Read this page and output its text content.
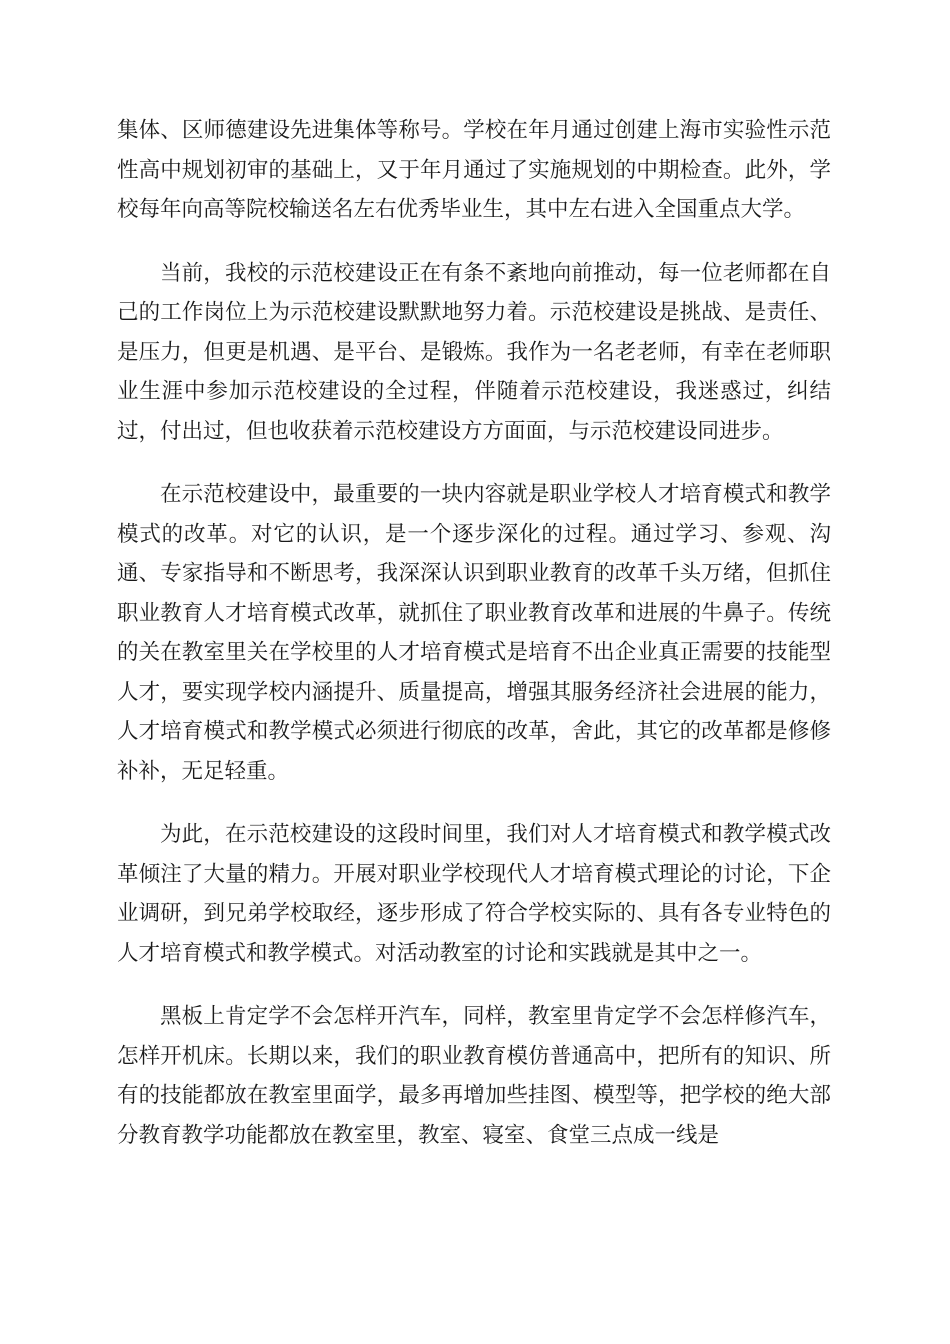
集体、区师德建设先进集体等称号。学校在年月通过创建上海市实验性示范性高中规划初审的基础上，又于年月通过了实施规划的中期检查。此外，学校每年向高等院校输送名左右优秀毕业生，其中左右进入全国重点大学。

当前，我校的示范校建设正在有条不紊地向前推动，每一位老师都在自己的工作岗位上为示范校建设默默地努力着。示范校建设是挑战、是责任、是压力，但更是机遇、是平台、是锻炼。我作为一名老老师，有幸在老师职业生涯中参加示范校建设的全过程，伴随着示范校建设，我迷惑过，纠结过，付出过，但也收获着示范校建设方方面面，与示范校建设同进步。

在示范校建设中，最重要的一块内容就是职业学校人才培育模式和教学模式的改革。对它的认识，是一个逐步深化的过程。通过学习、参观、沟通、专家指导和不断思考，我深深认识到职业教育的改革千头万绪，但抓住职业教育人才培育模式改革，就抓住了职业教育改革和进展的牛鼻子。传统的关在教室里关在学校里的人才培育模式是培育不出企业真正需要的技能型人才，要实现学校内涵提升、质量提高，增强其服务经济社会进展的能力，人才培育模式和教学模式必须进行彻底的改革，舍此，其它的改革都是修修补补，无足轻重。

为此，在示范校建设的这段时间里，我们对人才培育模式和教学模式改革倾注了大量的精力。开展对职业学校现代人才培育模式理论的讨论，下企业调研，到兄弟学校取经，逐步形成了符合学校实际的、具有各专业特色的人才培育模式和教学模式。对活动教室的讨论和实践就是其中之一。

黑板上肯定学不会怎样开汽车，同样，教室里肯定学不会怎样修汽车，怎样开机床。长期以来，我们的职业教育模仿普通高中，把所有的知识、所有的技能都放在教室里面学，最多再增加些挂图、模型等，把学校的绝大部分教育教学功能都放在教室里，教室、寝室、食堂三点成一线是
